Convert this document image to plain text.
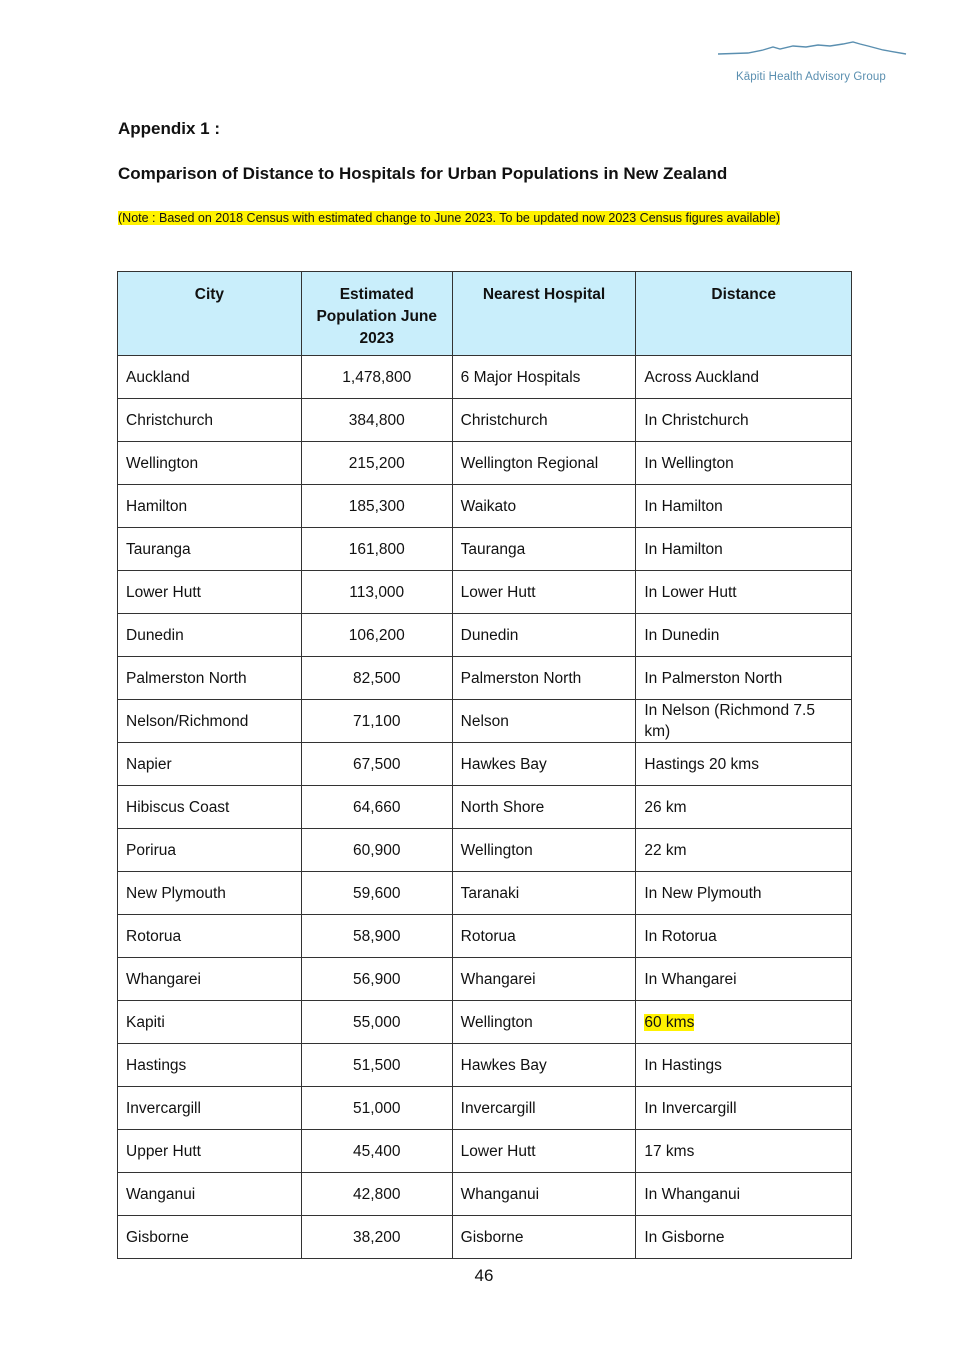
Kāpiti Health Advisory Group
Appendix 1 :
Comparison of Distance to Hospitals for Urban Populations in New Zealand
(Note : Based on 2018 Census with estimated change to June 2023. To be updated now 2023 Census figures available)
City	Estimated Population June 2023	Nearest Hospital	Distance
Auckland	1,478,800	6 Major Hospitals	Across Auckland
Christchurch	384,800	Christchurch	In Christchurch
Wellington	215,200	Wellington Regional	In Wellington
Hamilton	185,300	Waikato	In Hamilton
Tauranga	161,800	Tauranga	In Hamilton
Lower Hutt	113,000	Lower Hutt	In Lower Hutt
Dunedin	106,200	Dunedin	In Dunedin
Palmerston North	82,500	Palmerston North	In Palmerston North
Nelson/Richmond	71,100	Nelson	In Nelson (Richmond 7.5 km)
Napier	67,500	Hawkes Bay	Hastings 20 kms
Hibiscus Coast	64,660	North Shore	26 km
Porirua	60,900	Wellington	22 km
New Plymouth	59,600	Taranaki	In New Plymouth
Rotorua	58,900	Rotorua	In Rotorua
Whangarei	56,900	Whangarei	In Whangarei
Kapiti	55,000	Wellington	60 kms
Hastings	51,500	Hawkes Bay	In Hastings
Invercargill	51,000	Invercargill	In Invercargill
Upper Hutt	45,400	Lower Hutt	17 kms
Wanganui	42,800	Whanganui	In Whanganui
Gisborne	38,200	Gisborne	In Gisborne
46
